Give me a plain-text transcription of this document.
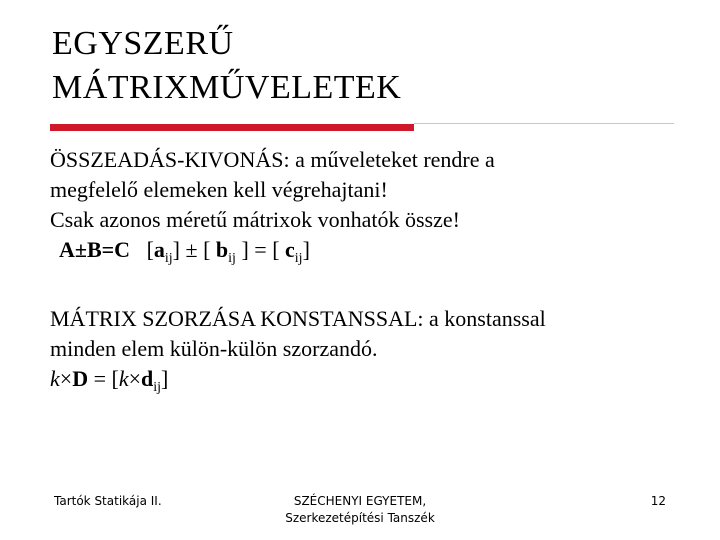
EGYSZERŰ
MÁTRIXMŰVELETEK
ÖSSZEADÁS-KIVONÁS: a műveleteket rendre a
megfelelő elemeken kell végrehajtani!
Csak azonos méretű mátrixok vonhatók össze!
A±B=C $[a_{ij}]$ ± [ $b_{ij}$ ] = [ $c_{ij}$]
MÁTRIX SZORZÁSA KONSTANSSAL: a konstanssal
minden elem külön-külön szorzandó.
$k\times D = [k\times d_{ij}]$
Tartók Statikája II.	SZÉCHENYI EGYETEM,
Szerkezetépítési Tanszék
12
